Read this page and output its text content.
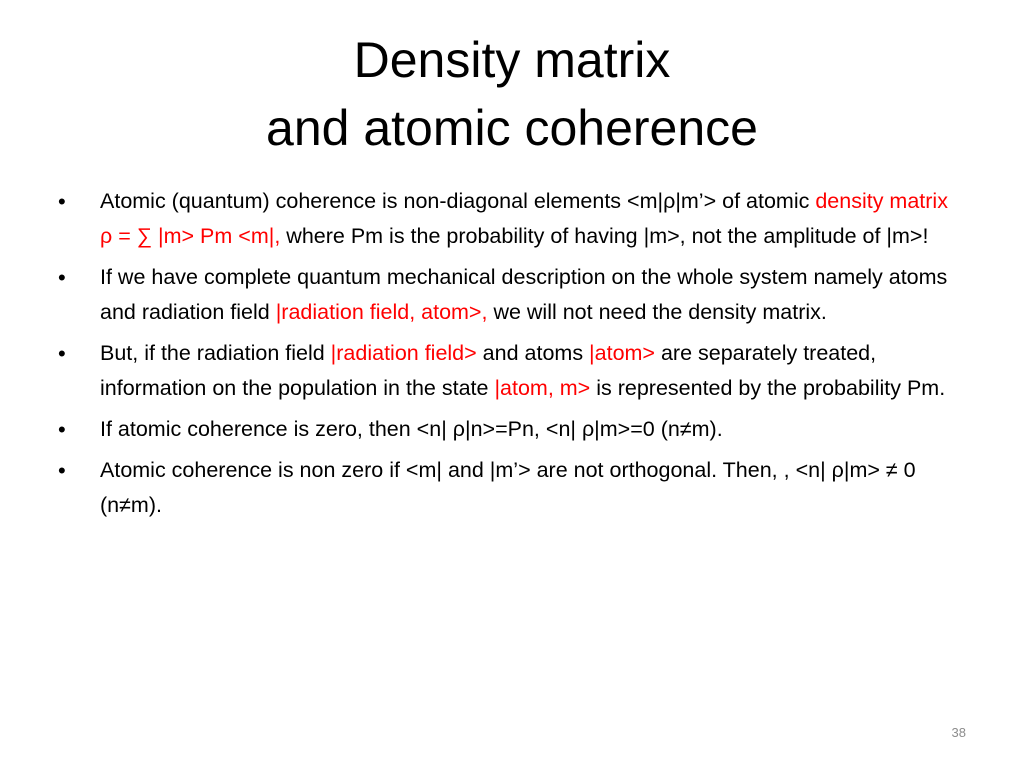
Density matrix
and atomic coherence
• Atomic (quantum) coherence is non-diagonal elements <m|ρ|m’> of atomic density matrix ρ = ∑ |m> Pm <m|, where Pm is the probability of having |m>, not the amplitude of |m>!
• If we have complete quantum mechanical description on the whole system namely atoms and radiation field |radiation field, atom>, we will not need the density matrix.
• But, if the radiation field |radiation field> and atoms |atom> are separately treated, information on the population in the state |atom, m> is represented by the probability Pm.
• If atomic coherence is zero, then <n| ρ|n>=Pn, <n| ρ|m>=0 (n≠m).
• Atomic coherence is non zero if <m| and |m’> are not orthogonal. Then, , <n| ρ|m> ≠ 0 (n≠m).
38
